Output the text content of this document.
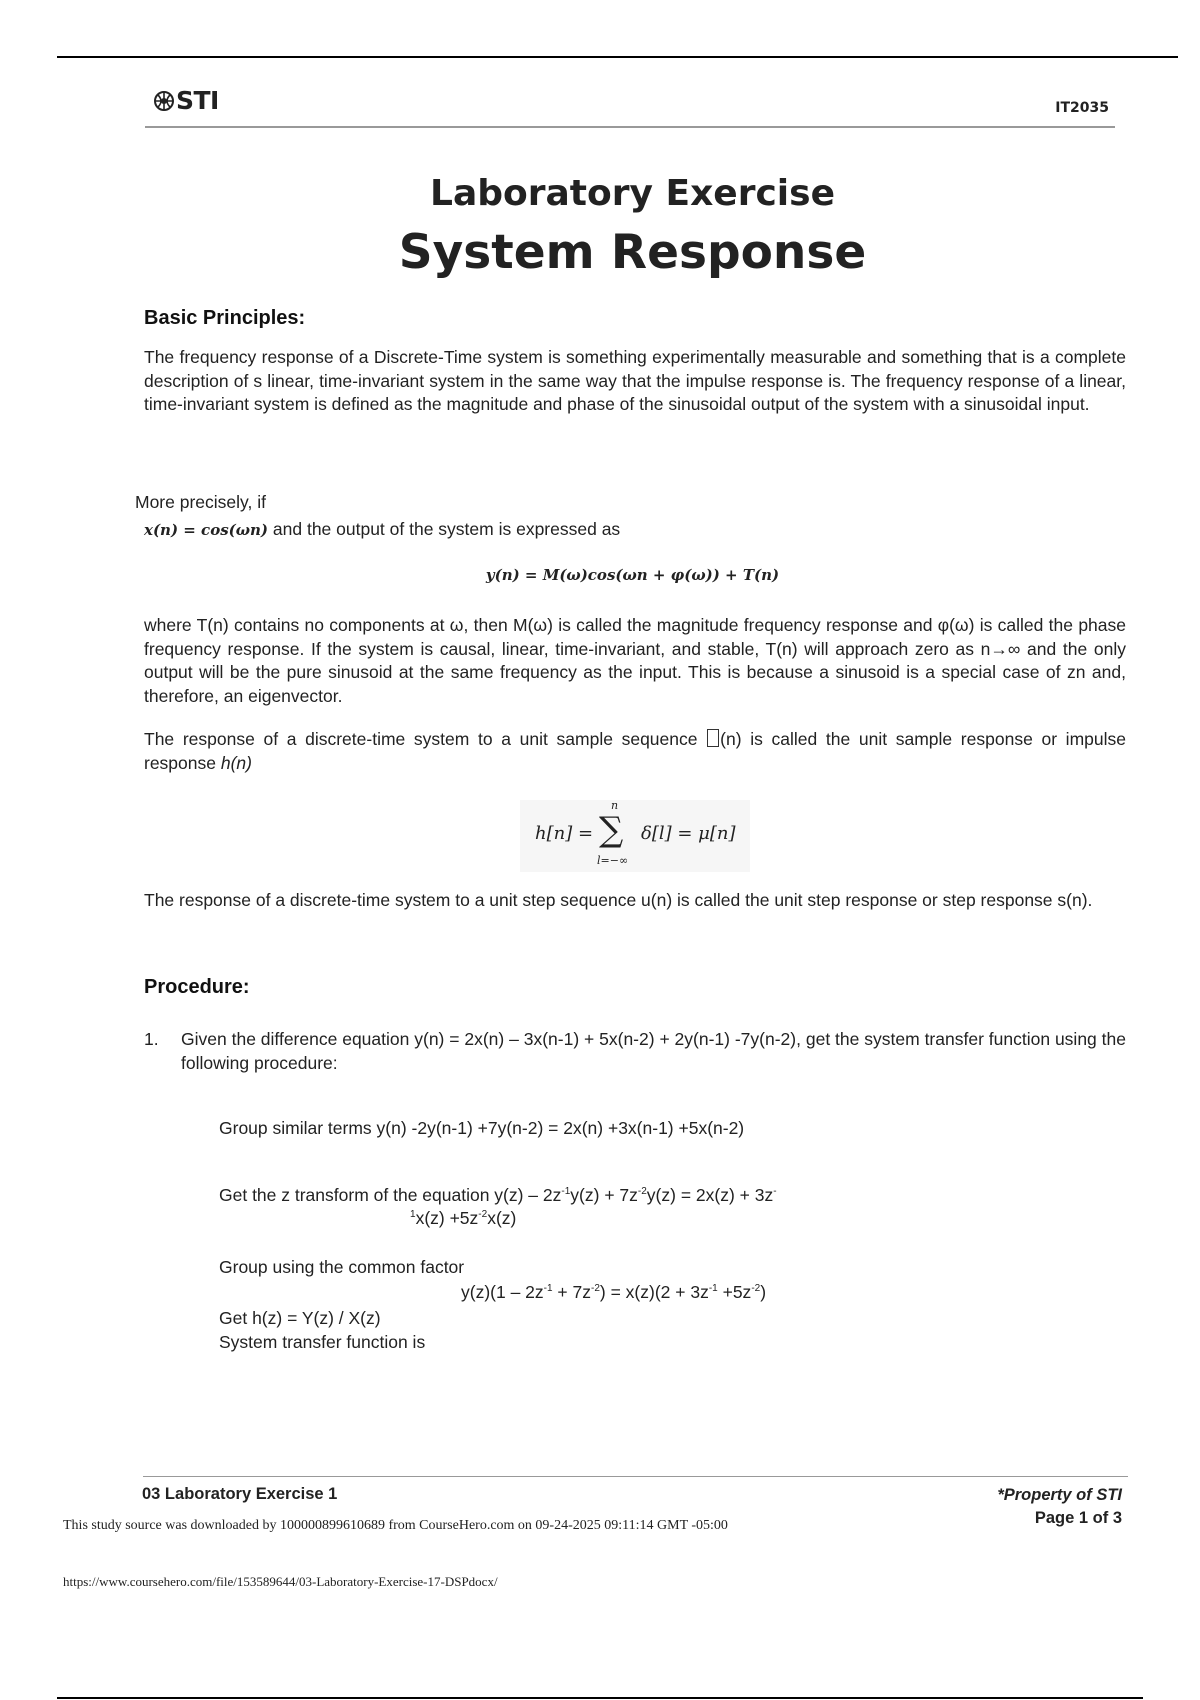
STI	IT2035
Laboratory Exercise
System Response
Basic Principles:
The frequency response of a Discrete-Time system is something experimentally measurable and something that is a complete description of s linear, time-invariant system in the same way that the impulse response is. The frequency response of a linear, time-invariant system is defined as the magnitude and phase of the sinusoidal output of the system with a sinusoidal input.
More precisely, if
x(n) = cos(ωn) and the output of the system is expressed as
y(n) = M(ω)cos(ωn + φ(ω)) + T(n)
where T(n) contains no components at ω, then M(ω) is called the magnitude frequency response and φ(ω) is called the phase frequency response. If the system is causal, linear, time-invariant, and stable, T(n) will approach zero as n→∞ and the only output will be the pure sinusoid at the same frequency as the input. This is because a sinusoid is a special case of zn and, therefore, an eigenvector.
The response of a discrete-time system to a unit sample sequence (n) is called the unit sample response or impulse response h(n)
h[n] =
n
∑
l=−∞
δ[l] = μ[n]
The response of a discrete-time system to a unit step sequence u(n) is called the unit step response or step response s(n).
Procedure:
1. Given the difference equation y(n) = 2x(n) – 3x(n-1) + 5x(n-2) + 2y(n-1) -7y(n-2), get the system transfer function using the following procedure:
Group similar terms y(n) -2y(n-1) +7y(n-2) = 2x(n) +3x(n-1) +5x(n-2)
Get the z transform of the equation $y(z) - 2z^{-1}y(z) + 7z^{-2}y(z) = 2x(z) + 3z^-$
$^1x(z) +5z^{-2}x(z)$
Group using the common factor
$y(z)(1 - 2z^{-1} + 7z^{-2}) = x(z)(2 + 3z^{-1} +5z^{-2})$
Get h(z) = Y(z) / X(z)
System transfer function is
03 Laboratory Exercise 1	*Property of STI
Page 1 of 3
This study source was downloaded by 100000899610689 from CourseHero.com on 09-24-2025 09:11:14 GMT -05:00
https://www.coursehero.com/file/153589644/03-Laboratory-Exercise-17-DSPdocx/
